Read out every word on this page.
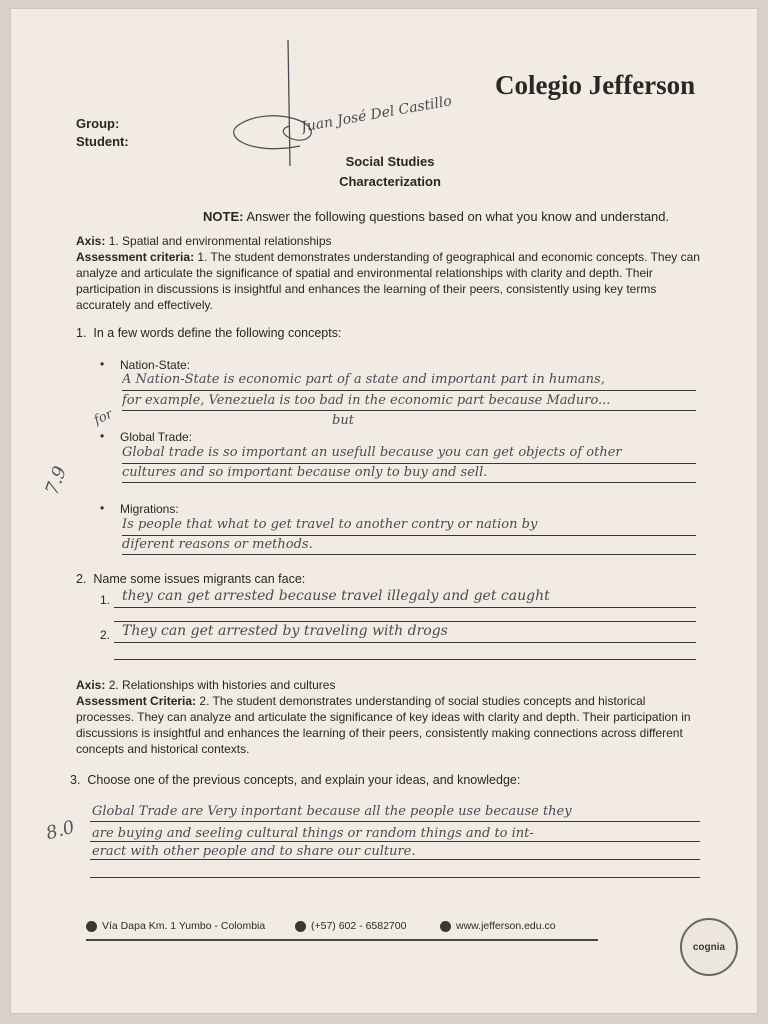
Colegio Jefferson
Group:
Student:
Juan José Del Castillo
Social Studies
Characterization
NOTE: Answer the following questions based on what you know and understand.
Axis: 1. Spatial and environmental relationships
Assessment criteria: 1. The student demonstrates understanding of geographical and economic concepts. They can analyze and articulate the significance of spatial and environmental relationships with clarity and depth. Their participation in discussions is insightful and enhances the learning of their peers, consistently using key terms accurately and effectively.
1. In a few words define the following concepts:
• Nation-State:
A Nation-State is economic part of a state and important part in humans,
for example, Venezuela is too bad in the economic part because Maduro...
for	but
• Global Trade:
Global trade is so important an usefull because you can get objects of other
cultures and so important because only to buy and sell.
7.9
• Migrations:
Is people that what to get travel to another contry or nation by
diferent reasons or methods.
2. Name some issues migrants can face:
1. they can get arrested because travel illegaly and get caught
2. They can get arrested by traveling with drogs
Axis: 2. Relationships with histories and cultures
Assessment Criteria: 2. The student demonstrates understanding of social studies concepts and historical processes. They can analyze and articulate the significance of key ideas with clarity and depth. Their participation in discussions is insightful and enhances the learning of their peers, consistently making connections across different concepts and historical contexts.
3. Choose one of the previous concepts, and explain your ideas, and knowledge:
Global Trade are Very inportant because all the people use because they
are buying and seeling cultural things or random things and to int-
eract with other people and to share our culture.
8.0
Vía Dapa Km. 1 Yumbo - Colombia	(+57) 602 - 6582700	www.jefferson.edu.co
cognia
